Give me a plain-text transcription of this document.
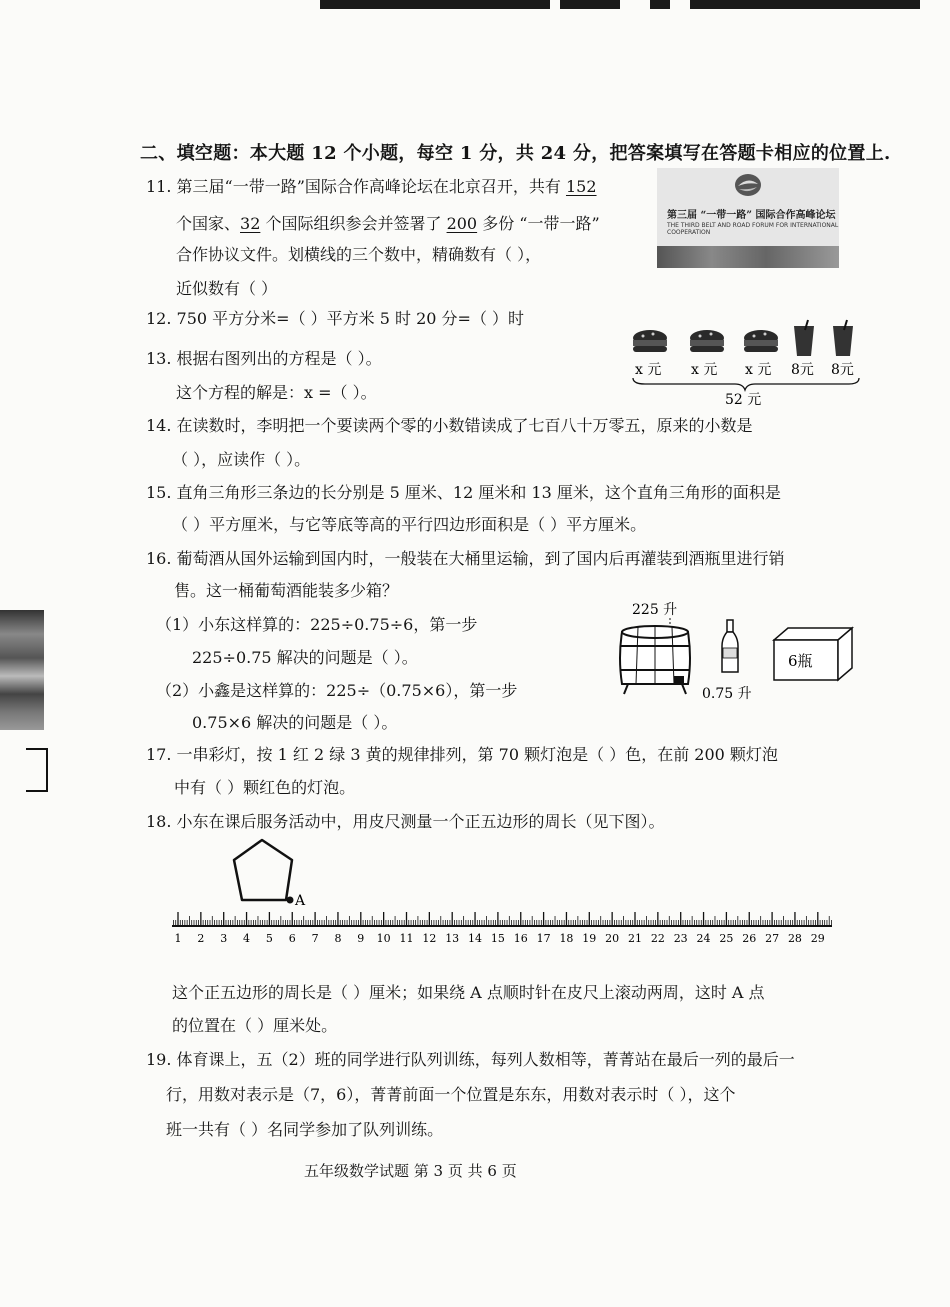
二、填空题：本大题 12 个小题，每空 1 分，共 24 分，把答案填写在答题卡相应的位置上.
11. 第三届“一带一路”国际合作高峰论坛在北京召开，共有 152
个国家、32 个国际组织参会并签署了 200 多份 “一带一路”
合作协议文件。划横线的三个数中，精确数有（ ），
近似数有（ ）
第三届 “一带一路” 国际合作高峰论坛
THE THIRD BELT AND ROAD FORUM FOR INTERNATIONAL COOPERATION
12. 750 平方分米=（ ）平方米 5 时 20 分=（ ）时
13. 根据右图列出的方程是（ ）。
这个方程的解是：x =（ ）。
x 元 x 元 x 元 8元 8元
52 元
14. 在读数时，李明把一个要读两个零的小数错读成了七百八十万零五，原来的小数是
（ ），应读作（ ）。
15. 直角三角形三条边的长分别是 5 厘米、12 厘米和 13 厘米，这个直角三角形的面积是
（ ）平方厘米，与它等底等高的平行四边形面积是（ ）平方厘米。
16. 葡萄酒从国外运输到国内时，一般装在大桶里运输，到了国内后再灌装到酒瓶里进行销
售。这一桶葡萄酒能装多少箱？
（1）小东这样算的：225÷0.75÷6，第一步
225÷0.75 解决的问题是（ ）。
（2）小鑫是这样算的：225÷（0.75×6），第一步
0.75×6 解决的问题是（ ）。
225 升
0.75 升
6瓶
17. 一串彩灯，按 1 红 2 绿 3 黄的规律排列，第 70 颗灯泡是（ ）色，在前 200 颗灯泡
中有（ ）颗红色的灯泡。
18. 小东在课后服务活动中，用皮尺测量一个正五边形的周长（见下图）。
A
1 2 3 4 5 6 7 8 9 10 11 12 13 14 15 16 17 18 19 20 21 22 23 24 25 26 27 28 29
这个正五边形的周长是（ ）厘米；如果绕 A 点顺时针在皮尺上滚动两周，这时 A 点
的位置在（ ）厘米处。
19. 体育课上，五（2）班的同学进行队列训练，每列人数相等，菁菁站在最后一列的最后一
行，用数对表示是（7，6），菁菁前面一个位置是东东，用数对表示时（ ），这个
班一共有（ ）名同学参加了队列训练。
五年级数学试题 第 3 页 共 6 页
